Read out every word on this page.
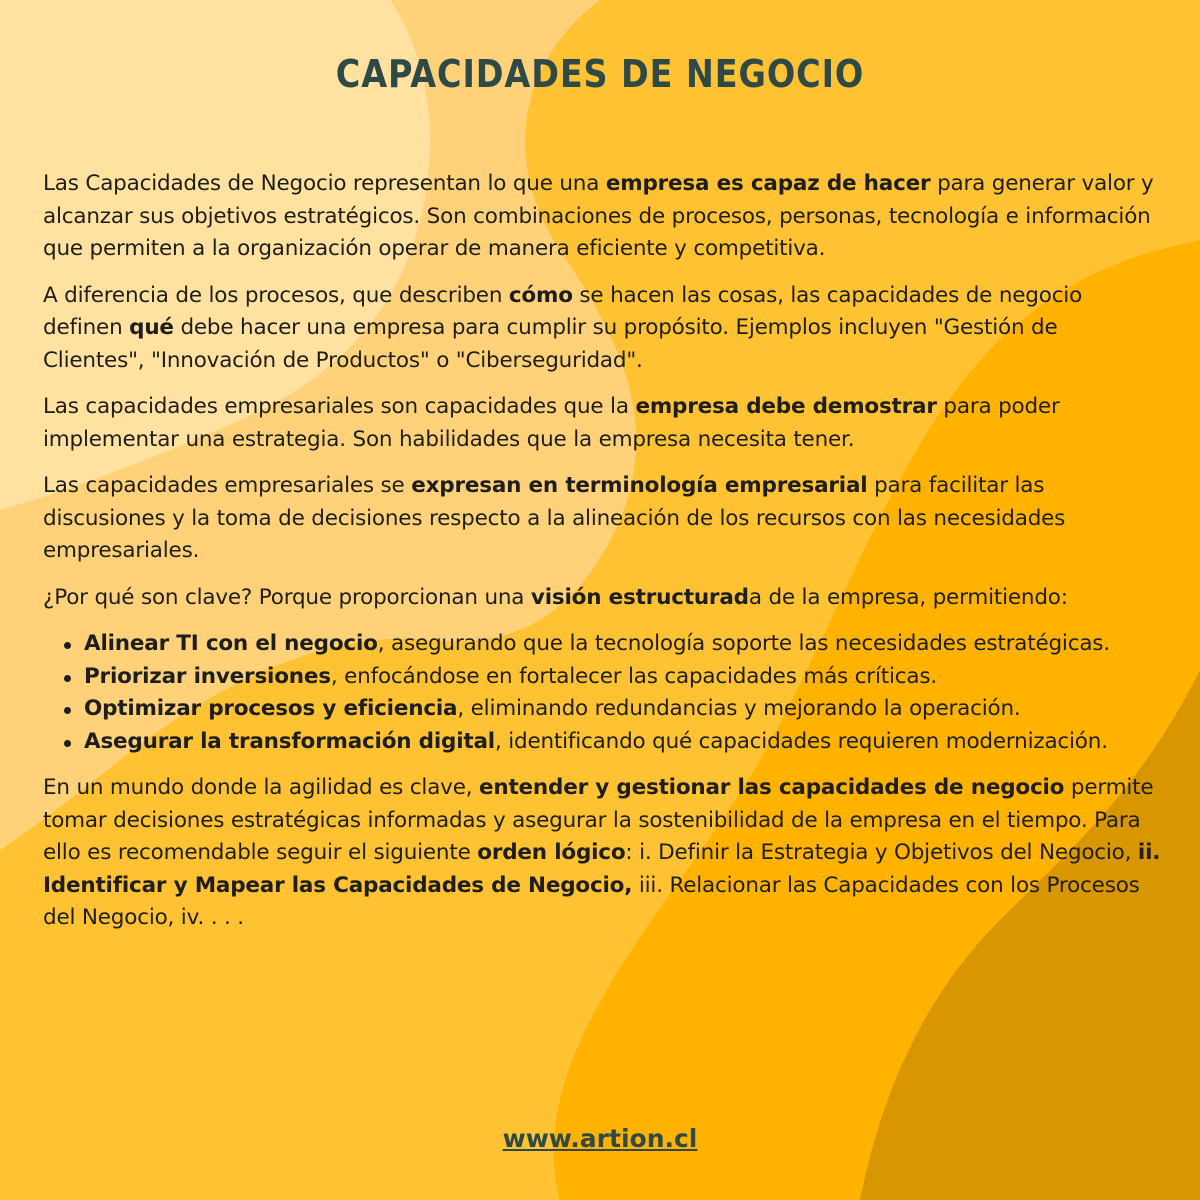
CAPACIDADES DE NEGOCIO

Las Capacidades de Negocio representan lo que una empresa es capaz de hacer para generar valor y alcanzar sus objetivos estratégicos. Son combinaciones de procesos, personas, tecnología e información que permiten a la organización operar de manera eficiente y competitiva.

A diferencia de los procesos, que describen cómo se hacen las cosas, las capacidades de negocio definen qué debe hacer una empresa para cumplir su propósito. Ejemplos incluyen "Gestión de Clientes", "Innovación de Productos" o "Ciberseguridad".

Las capacidades empresariales son capacidades que la empresa debe demostrar para poder implementar una estrategia. Son habilidades que la empresa necesita tener.

Las capacidades empresariales se expresan en terminología empresarial para facilitar las discusiones y la toma de decisiones respecto a la alineación de los recursos con las necesidades empresariales.

¿Por qué son clave? Porque proporcionan una visión estructurada de la empresa, permitiendo:

Alinear TI con el negocio, asegurando que la tecnología soporte las necesidades estratégicas.
Priorizar inversiones, enfocándose en fortalecer las capacidades más críticas.
Optimizar procesos y eficiencia, eliminando redundancias y mejorando la operación.
Asegurar la transformación digital, identificando qué capacidades requieren modernización.

En un mundo donde la agilidad es clave, entender y gestionar las capacidades de negocio permite tomar decisiones estratégicas informadas y asegurar la sostenibilidad de la empresa en el tiempo. Para ello es recomendable seguir el siguiente orden lógico: i. Definir la Estrategia y Objetivos del Negocio, ii. Identificar y Mapear las Capacidades de Negocio, iii. Relacionar las Capacidades con los Procesos del Negocio, iv. . . .

www.artion.cl
